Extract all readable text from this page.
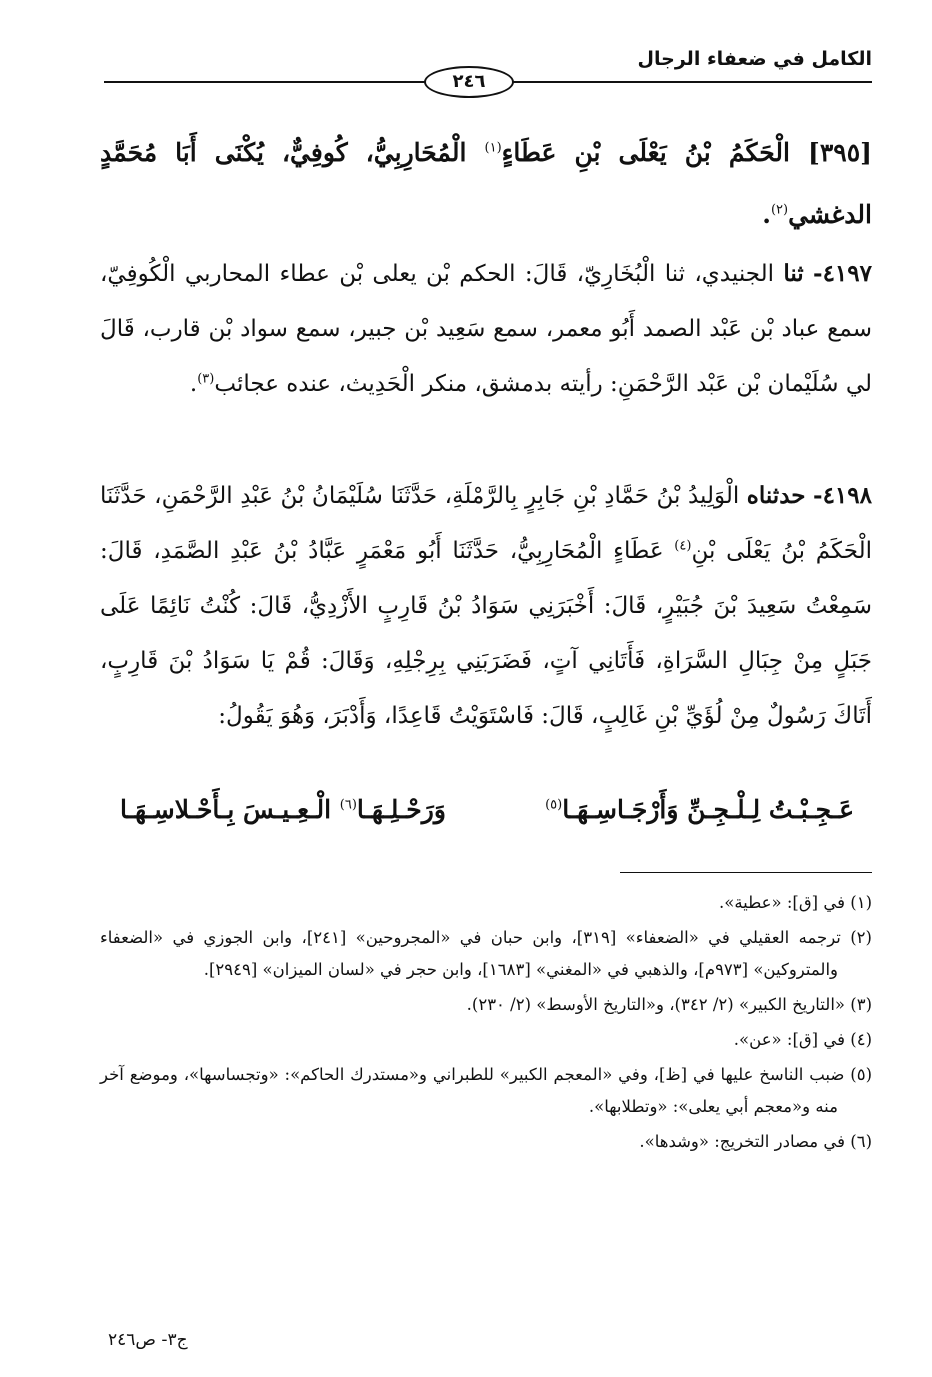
الكامل في ضعفاء الرجال
٢٤٦
[٣٩٥] الْحَكَمُ بْنُ يَعْلَى بْنِ عَطَاءٍ$^{(١)}$ الْمُحَارِبِيُّ، كُوفِيٌّ، يُكْنَى أَبَا مُحَمَّدٍ الدغشي$^{(٢)}$.
٤١٩٧- ثنا الجنيدي، ثنا الْبُخَارِيّ، قَالَ: الحكم بْن يعلى بْن عطاء المحاربي الْكُوفِيّ، سمع عباد بْن عَبْد الصمد أَبُو معمر، سمع سَعِيد بْن جبير، سمع سواد بْن قارب، قَالَ لي سُلَيْمان بْن عَبْد الرَّحْمَنِ: رأيته بدمشق، منكر الْحَدِيث، عنده عجائب$^{(٣)}$.
٤١٩٨- حدثناه الْوَلِيدُ بْنُ حَمَّادِ بْنِ جَابِرٍ بِالرَّمْلَةِ، حَدَّثَنَا سُلَيْمَانُ بْنُ عَبْدِ الرَّحْمَنِ، حَدَّثَنَا الْحَكَمُ بْنُ يَعْلَى بْنِ$^{(٤)}$ عَطَاءٍ الْمُحَارِبِيُّ، حَدَّثَنَا أَبُو مَعْمَرٍ عَبَّادُ بْنُ عَبْدِ الصَّمَدِ، قَالَ: سَمِعْتُ سَعِيدَ بْنَ جُبَيْرٍ، قَالَ: أَخْبَرَنِي سَوَادُ بْنُ قَارِبٍ الأَزْدِيُّ، قَالَ: كُنْتُ نَائِمًا عَلَى جَبَلٍ مِنْ جِبَالِ السَّرَاةِ، فَأَتَانِي آتٍ، فَضَرَبَنِي بِرِجْلِهِ، وَقَالَ: قُمْ يَا سَوَادُ بْنَ قَارِبٍ، أَتَاكَ رَسُولٌ مِنْ لُؤَيِّ بْنِ غَالِبٍ، قَالَ: فَاسْتَوَيْتُ قَاعِدًا، وَأَدْبَرَ، وَهُوَ يَقُولُ:
عَـجِـبْـتُ لِـلْـجِـنِّ وَأَرْجَـاسِـهَـا$^{(٥)}$
وَرَحْـلِـهَـا$^{(٦)}$ الْـعِـيـسَ بِـأَحْـلاسِـهَـا

(١) في [ق]: «عطية».

(٢) ترجمه العقيلي في «الضعفاء» [٣١٩]، وابن حبان في «المجروحين» [٢٤١]، وابن الجوزي في «الضعفاء والمتروكين» [٩٧٣م]، والذهبي في «المغني» [١٦٨٣]، وابن حجر في «لسان الميزان» [٢٩٤٩].

(٣) «التاريخ الكبير» (٢/ ٣٤٢)، و«التاريخ الأوسط» (٢/ ٢٣٠).

(٤) في [ق]: «عن».

(٥) ضبب الناسخ عليها في [ظ]، وفي «المعجم الكبير» للطبراني و«مستدرك الحاكم»: «وتجساسها»، وموضع آخر منه و«معجم أبي يعلى»: «وتطلابها».

(٦) في مصادر التخريج: «وشدها».

ج٣- ص٢٤٦
